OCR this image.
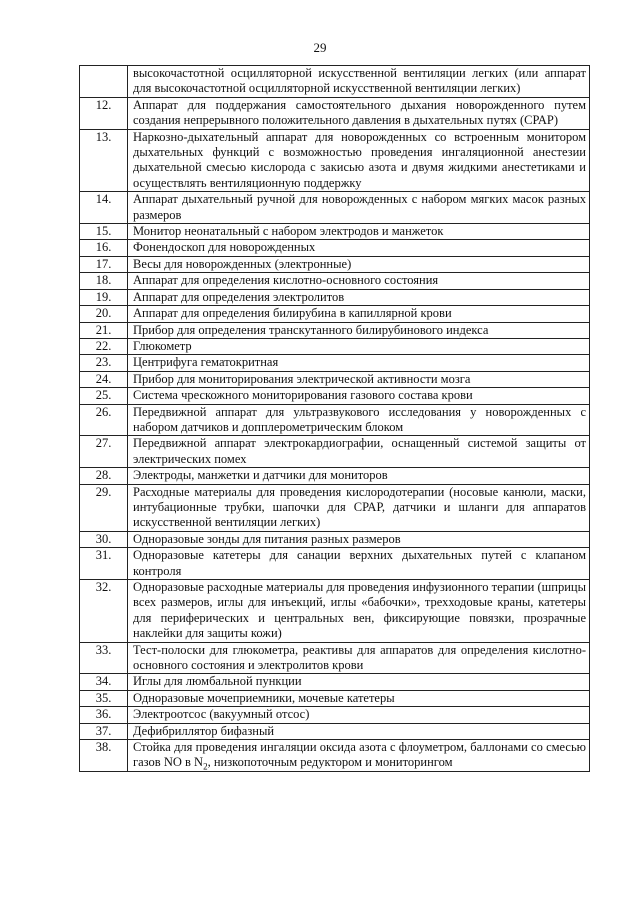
29
	высокочастотной осцилляторной искусственной вентиляции легких (или аппарат для высокочастотной осцилляторной искусственной вентиляции легких)
12.	Аппарат для поддержания самостоятельного дыхания новорожденного путем создания непрерывного положительного давления в дыхательных путях (СРАР)
13.	Наркозно-дыхательный аппарат для новорожденных со встроенным монитором дыхательных функций с возможностью проведения ингаляционной анестезии дыхательной смесью кислорода с закисью азота и двумя жидкими анестетиками и осуществлять вентиляционную поддержку
14.	Аппарат дыхательный ручной для новорожденных с набором мягких масок разных размеров
15.	Монитор неонатальный с набором электродов и манжеток
16.	Фонендоскоп для новорожденных
17.	Весы для новорожденных (электронные)
18.	Аппарат для определения кислотно-основного состояния
19.	Аппарат для определения электролитов
20.	Аппарат для определения билирубина в капиллярной крови
21.	Прибор для определения транскутанного билирубинового индекса
22.	Глюкометр
23.	Центрифуга гематокритная
24.	Прибор для мониторирования электрической активности мозга
25.	Система чрескожного мониторирования газового состава крови
26.	Передвижной аппарат для ультразвукового исследования у новорожденных с набором датчиков и допплерометрическим блоком
27.	Передвижной аппарат электрокардиографии, оснащенный системой защиты от электрических помех
28.	Электроды, манжетки и датчики для мониторов
29.	Расходные материалы для проведения кислородотерапии (носовые канюли, маски, интубационные трубки, шапочки для СРАР, датчики и шланги для аппаратов искусственной вентиляции легких)
30.	Одноразовые зонды для питания разных размеров
31.	Одноразовые катетеры для санации верхних дыхательных путей с клапаном контроля
32.	Одноразовые расходные материалы для проведения инфузионного терапии (шприцы всех размеров, иглы для инъекций, иглы «бабочки», трехходовые краны, катетеры для периферических и центральных вен, фиксирующие повязки, прозрачные наклейки для защиты кожи)
33.	Тест-полоски для глюкометра, реактивы для аппаратов для определения кислотно-основного состояния и электролитов крови
34.	Иглы для люмбальной пункции
35.	Одноразовые мочеприемники, мочевые катетеры
36.	Электроотсос (вакуумный отсос)
37.	Дефибриллятор бифазный
38.	Стойка для проведения ингаляции оксида азота с флоуметром, баллонами со смесью газов NO в $N_2$, низкопоточным редуктором и мониторингом
